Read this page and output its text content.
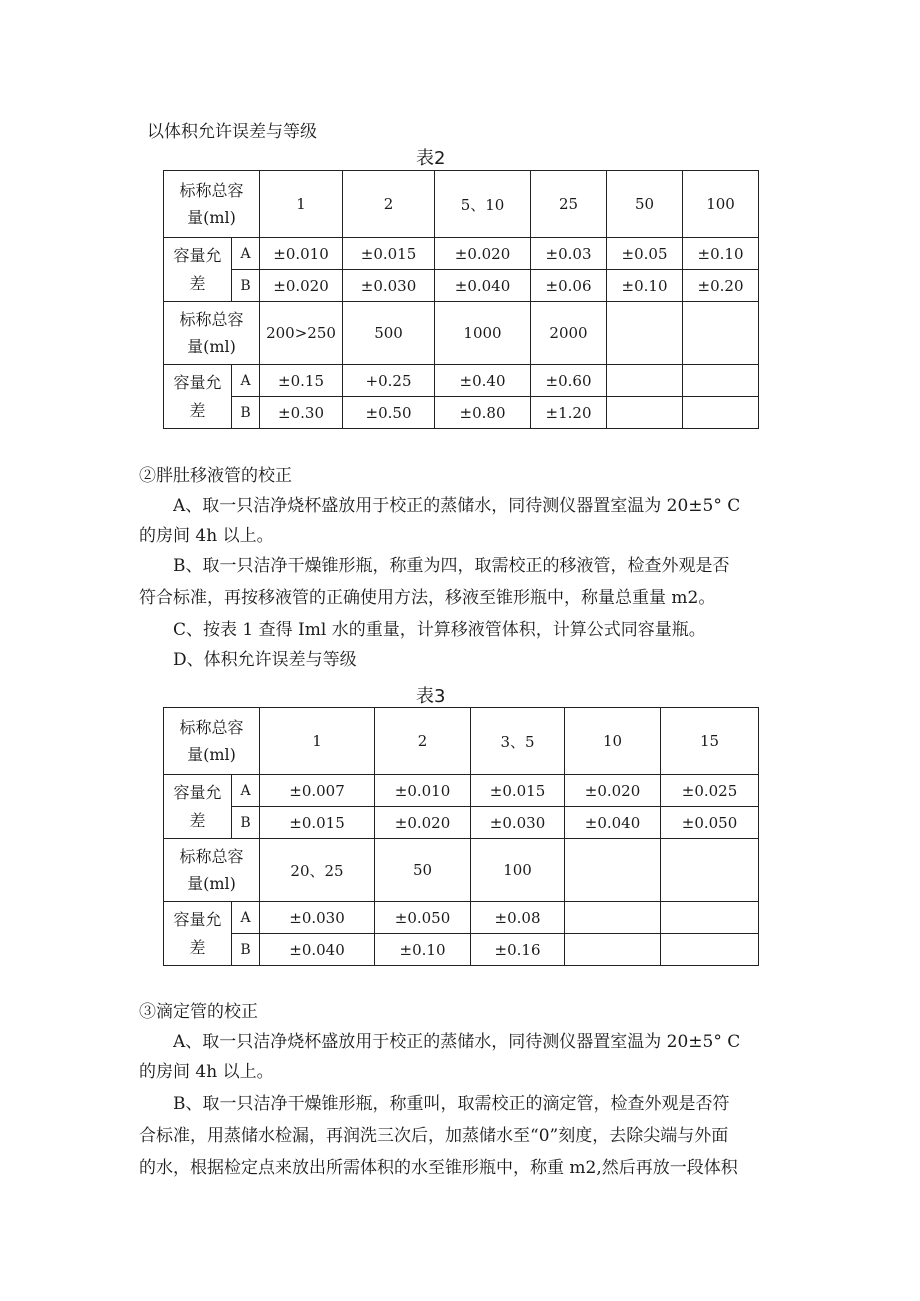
以体积允许误差与等级
表2
标称总容
量(ml)		1	2	5、10	25	50	100
容量允
差	A	±0.010	±0.015	±0.020	±0.03	±0.05	±0.10
	B	±0.020	±0.030	±0.040	±0.06	±0.10	±0.20
标称总容
量(ml)		200>250	500	1000	2000		
容量允
差	A	±0.15	+0.25	±0.40	±0.60		
	B	±0.30	±0.50	±0.80	±1.20		
②胖肚移液管的校正
A、取一只洁净烧杯盛放用于校正的蒸储水，同待测仪器置室温为 20±5° C
的房间 4h 以上。
B、取一只洁净干燥锥形瓶，称重为四，取需校正的移液管，检查外观是否
符合标准，再按移液管的正确使用方法，移液至锥形瓶中，称量总重量 m2。
C、按表 1 查得 Iml 水的重量，计算移液管体积，计算公式同容量瓶。
D、体积允许误差与等级
表3
标称总容
量(ml)		1	2	3、5	10	15
容量允
差	A	±0.007	±0.010	±0.015	±0.020	±0.025
	B	±0.015	±0.020	±0.030	±0.040	±0.050
标称总容
量(ml)		20、25	50	100		
容量允
差	A	±0.030	±0.050	±0.08		
	B	±0.040	±0.10	±0.16		
③滴定管的校正
A、取一只洁净烧杯盛放用于校正的蒸储水，同待测仪器置室温为 20±5° C
的房间 4h 以上。
B、取一只洁净干燥锥形瓶，称重叫，取需校正的滴定管，检查外观是否符
合标准，用蒸储水检漏，再润洗三次后，加蒸储水至“0”刻度，去除尖端与外面
的水，根据检定点来放出所需体积的水至锥形瓶中，称重 m2,然后再放一段体积
